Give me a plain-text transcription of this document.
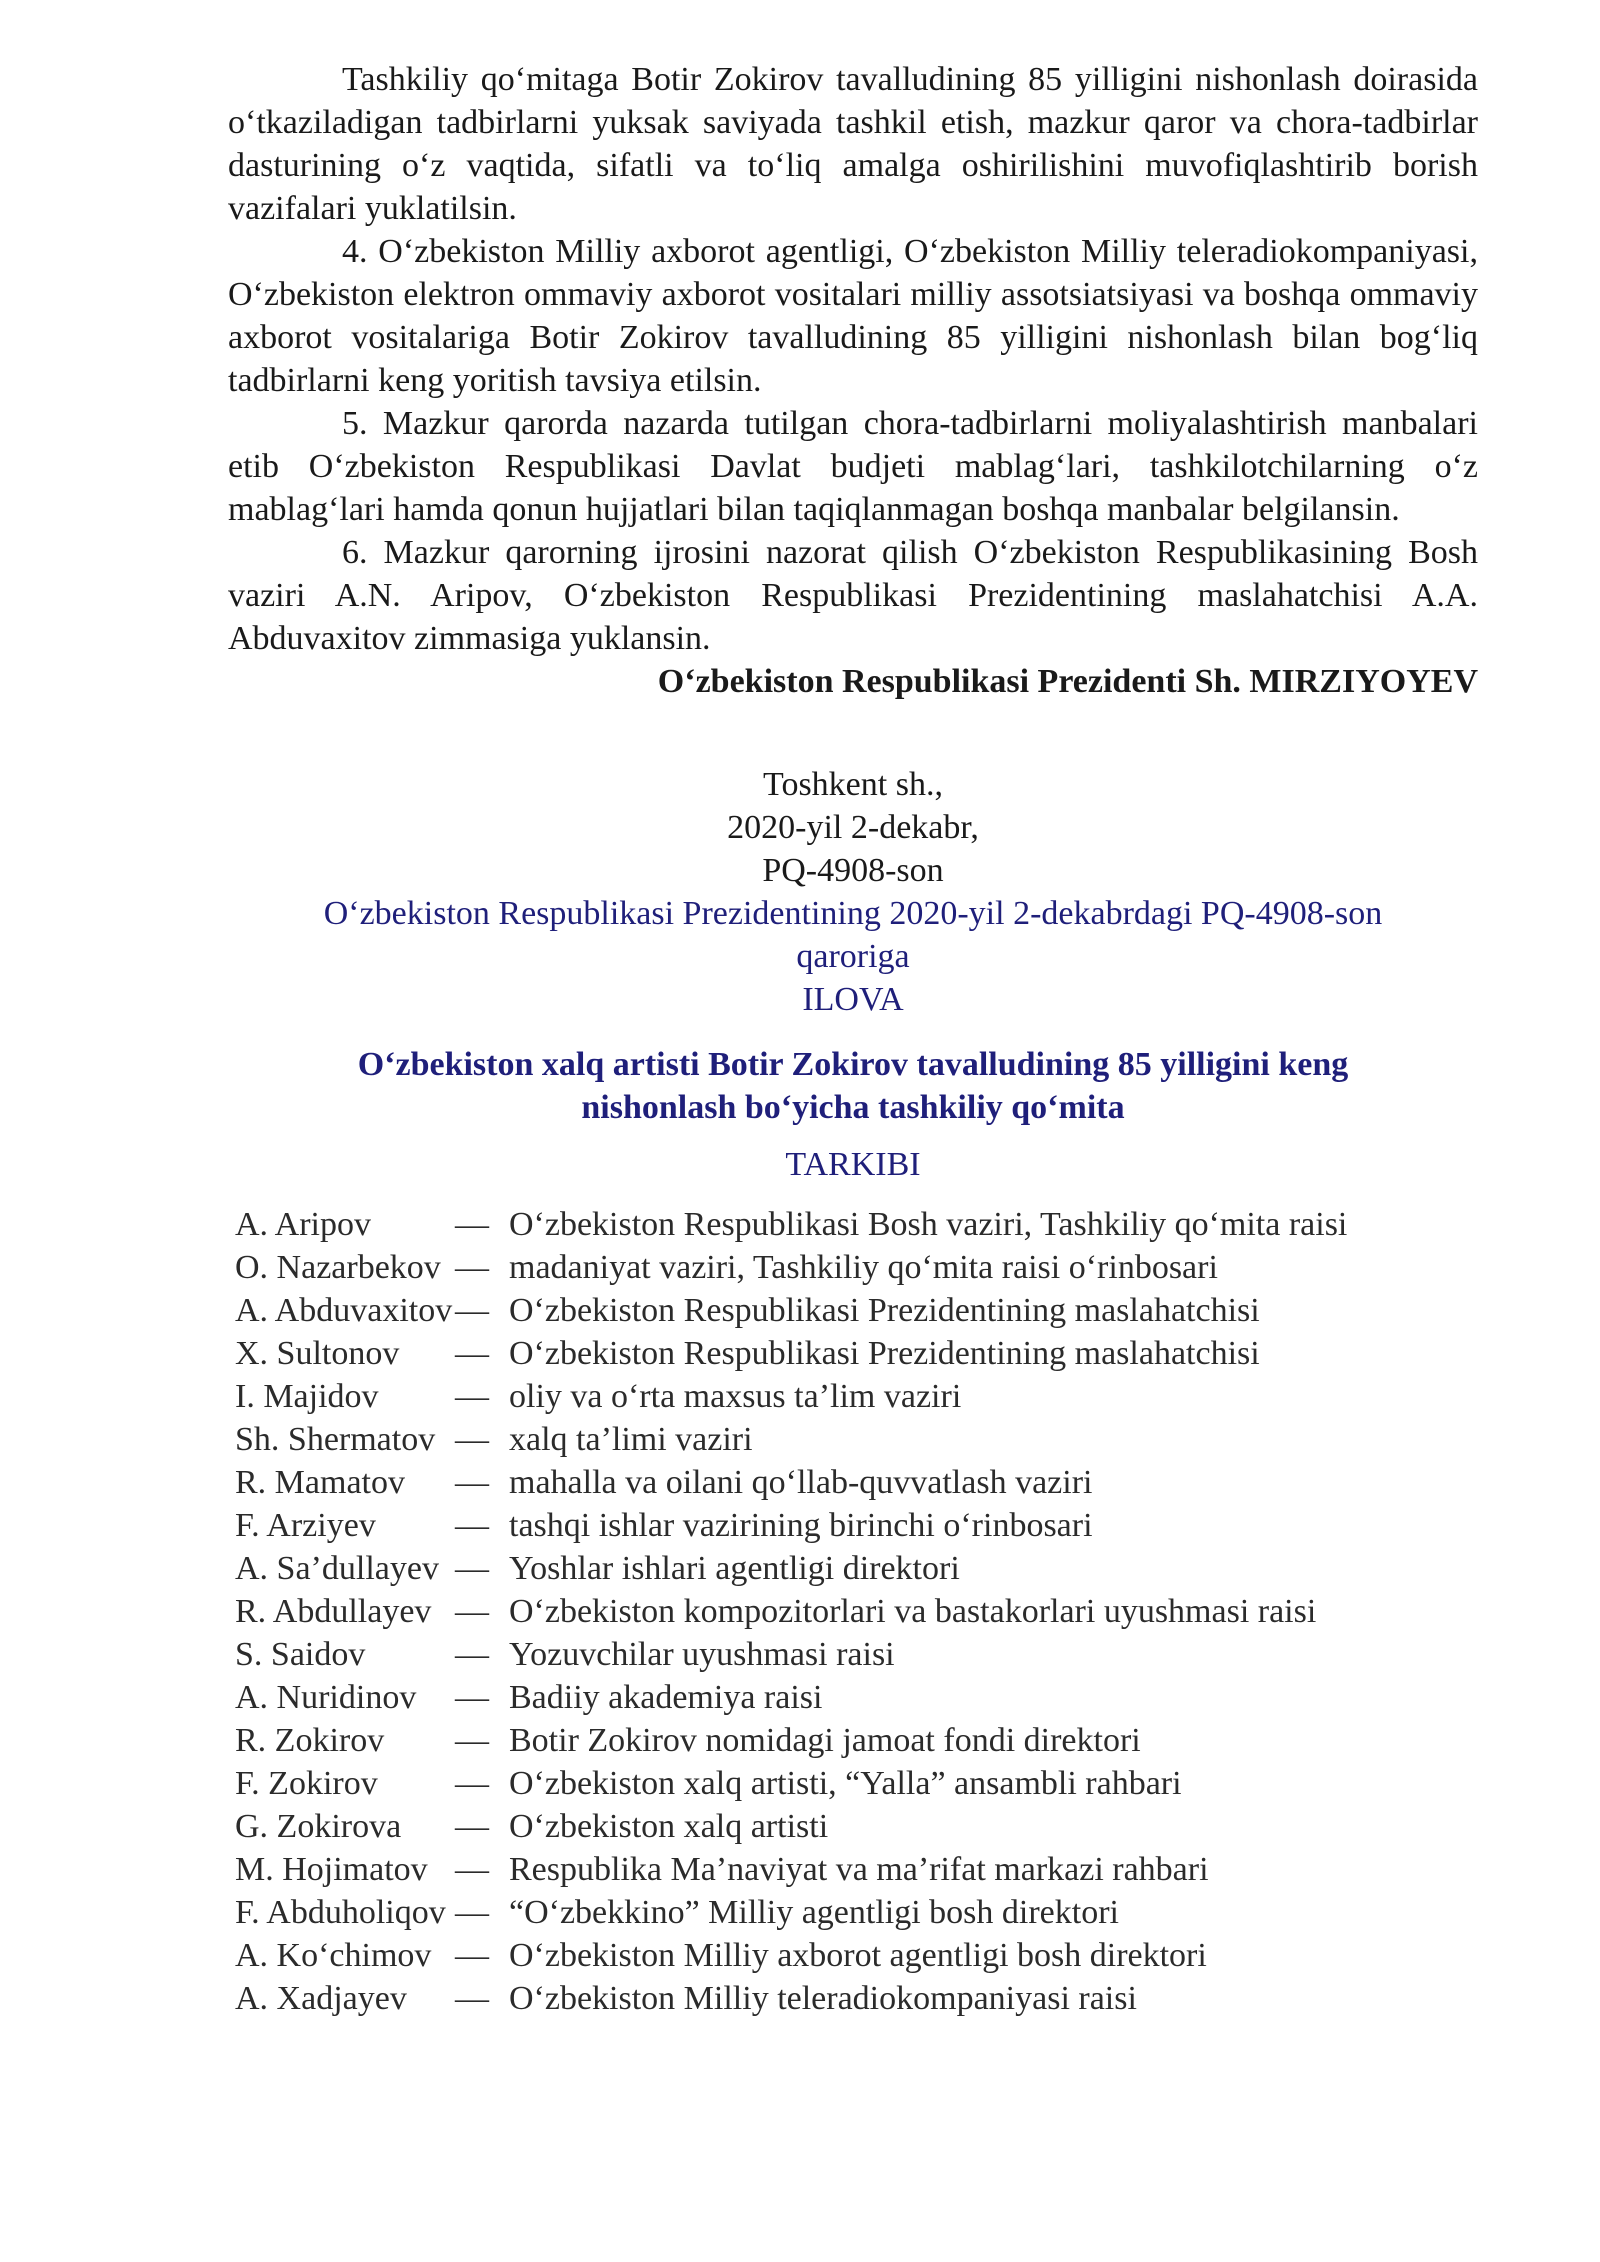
Tashkiliy qo‘mitaga Botir Zokirov tavalludining 85 yilligini nishonlash doirasida o‘tkaziladigan tadbirlarni yuksak saviyada tashkil etish, mazkur qaror va chora-tadbirlar dasturining o‘z vaqtida, sifatli va to‘liq amalga oshirilishini muvofiqlashtirib borish vazifalari yuklatilsin.

4. O‘zbekiston Milliy axborot agentligi, O‘zbekiston Milliy teleradiokompaniyasi, O‘zbekiston elektron ommaviy axborot vositalari milliy assotsiatsiyasi va boshqa ommaviy axborot vositalariga Botir Zokirov tavalludining 85 yilligini nishonlash bilan bog‘liq tadbirlarni keng yoritish tavsiya etilsin.

5. Mazkur qarorda nazarda tutilgan chora-tadbirlarni moliyalashtirish manbalari etib O‘zbekiston Respublikasi Davlat budjeti mablag‘lari, tashkilotchilarning o‘z mablag‘lari hamda qonun hujjatlari bilan taqiqlanmagan boshqa manbalar belgilansin.

6. Mazkur qarorning ijrosini nazorat qilish O‘zbekiston Respublikasining Bosh vaziri A.N. Aripov, O‘zbekiston Respublikasi Prezidentining maslahatchisi A.A. Abduvaxitov zimmasiga yuklansin.

O‘zbekiston Respublikasi Prezidenti Sh. MIRZIYOYEV

Toshkent sh.,
2020-yil 2-dekabr,
PQ-4908-son
O‘zbekiston Respublikasi Prezidentining 2020-yil 2-dekabrdagi PQ-4908-son
qaroriga
ILOVA
O‘zbekiston xalq artisti Botir Zokirov tavalludining 85 yilligini keng
nishonlash bo‘yicha tashkiliy qo‘mita
TARKIBI
A. Aripov	— O‘zbekiston Respublikasi Bosh vaziri, Tashkiliy qo‘mita raisi
O. Nazarbekov — madaniyat vaziri, Tashkiliy qo‘mita raisi o‘rinbosari
A. Abduvaxitov — O‘zbekiston Respublikasi Prezidentining maslahatchisi
X. Sultonov	— O‘zbekiston Respublikasi Prezidentining maslahatchisi
I. Majidov	— oliy va o‘rta maxsus ta’lim vaziri
Sh. Shermatov — xalq ta’limi vaziri
R. Mamatov	— mahalla va oilani qo‘llab-quvvatlash vaziri
F. Arziyev	— tashqi ishlar vazirining birinchi o‘rinbosari
A. Sa’dullayev — Yoshlar ishlari agentligi direktori
R. Abdullayev — O‘zbekiston kompozitorlari va bastakorlari uyushmasi raisi
S. Saidov	— Yozuvchilar uyushmasi raisi
A. Nuridinov	— Badiiy akademiya raisi
R. Zokirov	— Botir Zokirov nomidagi jamoat fondi direktori
F. Zokirov	— O‘zbekiston xalq artisti, “Yalla” ansambli rahbari
G. Zokirova	— O‘zbekiston xalq artisti
M. Hojimatov — Respublika Ma’naviyat va ma’rifat markazi rahbari
F. Abduholiqov — “O‘zbekkino” Milliy agentligi bosh direktori
A. Ko‘chimov — O‘zbekiston Milliy axborot agentligi bosh direktori
A. Xadjayev	— O‘zbekiston Milliy teleradiokompaniyasi raisi
